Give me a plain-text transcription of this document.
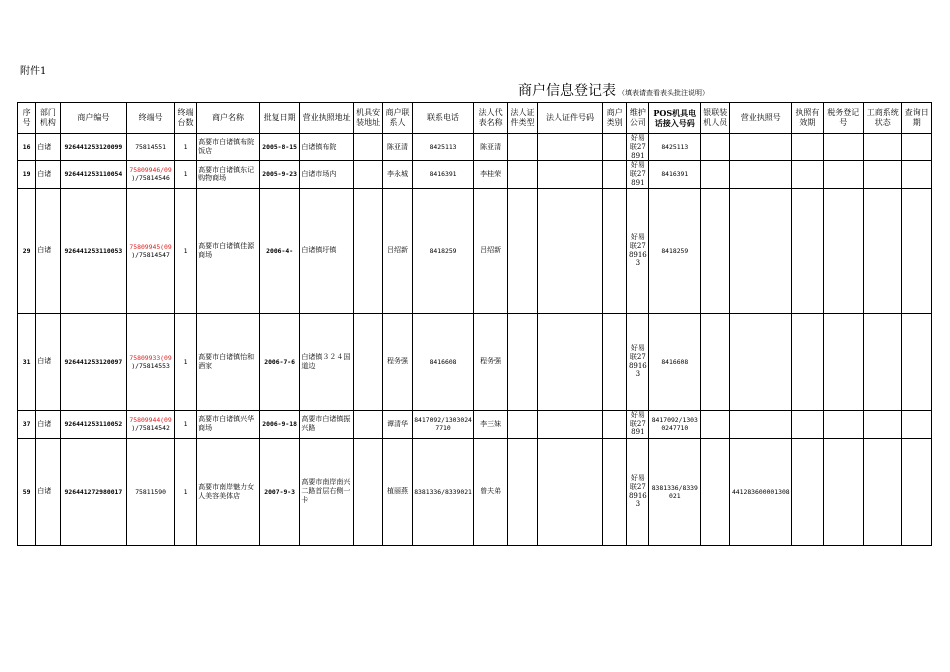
附件1
商户信息登记表 （填表请查看表头批注说明）
序号	部门机构	商户编号	终端号	终端台数	商户名称	批复日期	营业执照地址	机具安装地址	商户联系人	联系电话	法人代表名称	法人证件类型	法人证件号码	商户类别	维护公司	POS机具电话接入号码	银联装机人员	营业执照号	执照有效期	税务登记号	工商系统状态	查询日期
16	白诸	926441253120099	75814551	1	高要市白诸镇布院饭店	2005-8-15	白诸镇布院		陈亚清	8425113	陈亚清				好易联27891	8425113						
19	白诸	926441253110054	75809946/09
)/75814546	1	高要市白诸镇东记购物商场	2005-9-23	白诸市场内		李永城	8416391	李桂荣				好易联27891	8416391						
29	白诸	926441253110053	75809945(09
)/75814547	1	高要市白诸镇佳源商场	2006-4-	白诸镇圩镇		吕绍新	8418259	吕绍新				好易联2789163	8418259						
31	白诸	926441253120097	75809933(09
)/75814553	1	高要市白诸镇怡和酒家	2006-7-6	白诸镇３２４国道边		程务强	8416608	程务强				好易联2789163	8416608						
37	白诸	926441253110052	75809944(09
)/75814542	1	高要市白诸镇兴华商场	2006-9-18	高要市白诸镇振兴路		谭清华	8417092/13030247710	李三妹				好易联27891	8417092/13030247710						
59	白诸	926441272980017	75811590	1	高要市南岸魅力女人美容美体店	2007-9-3	高要市南岸南兴二路首层右侧一卡		植丽燕	8381336/8339021	曾夫弟				好易联2789163	8381336/8339021		441283600001308				
